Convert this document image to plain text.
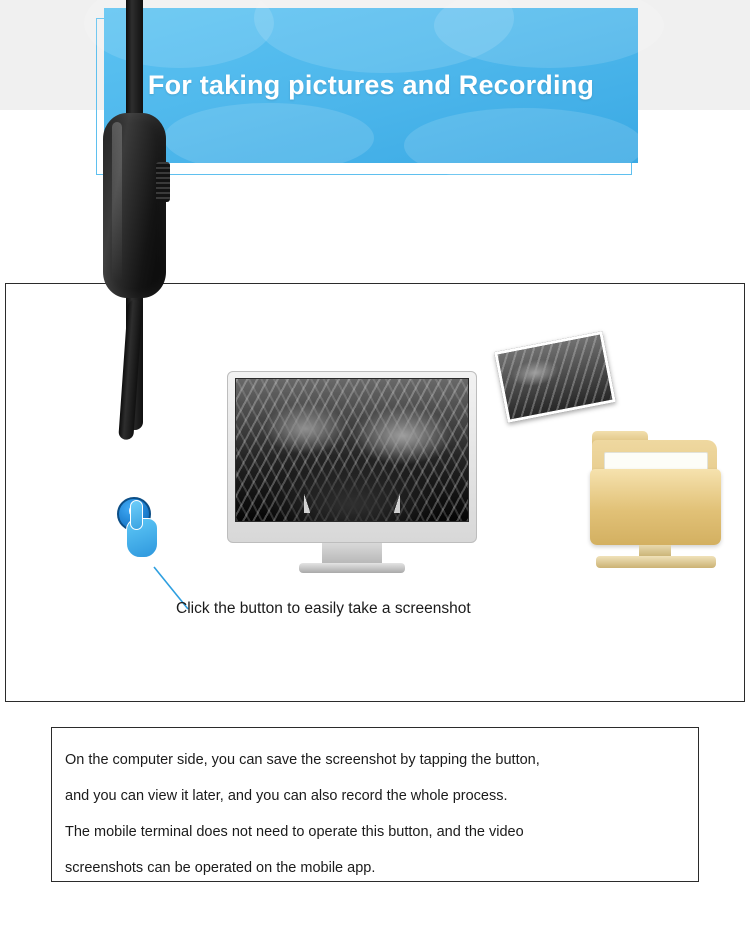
For taking pictures and Recording
Click the button to easily take a screenshot
On the computer side, you can save the screenshot by tapping the button,
and you can view it later, and you can also record the whole process.
The mobile terminal does not need to operate this button, and the video
screenshots can be operated on the mobile app.
